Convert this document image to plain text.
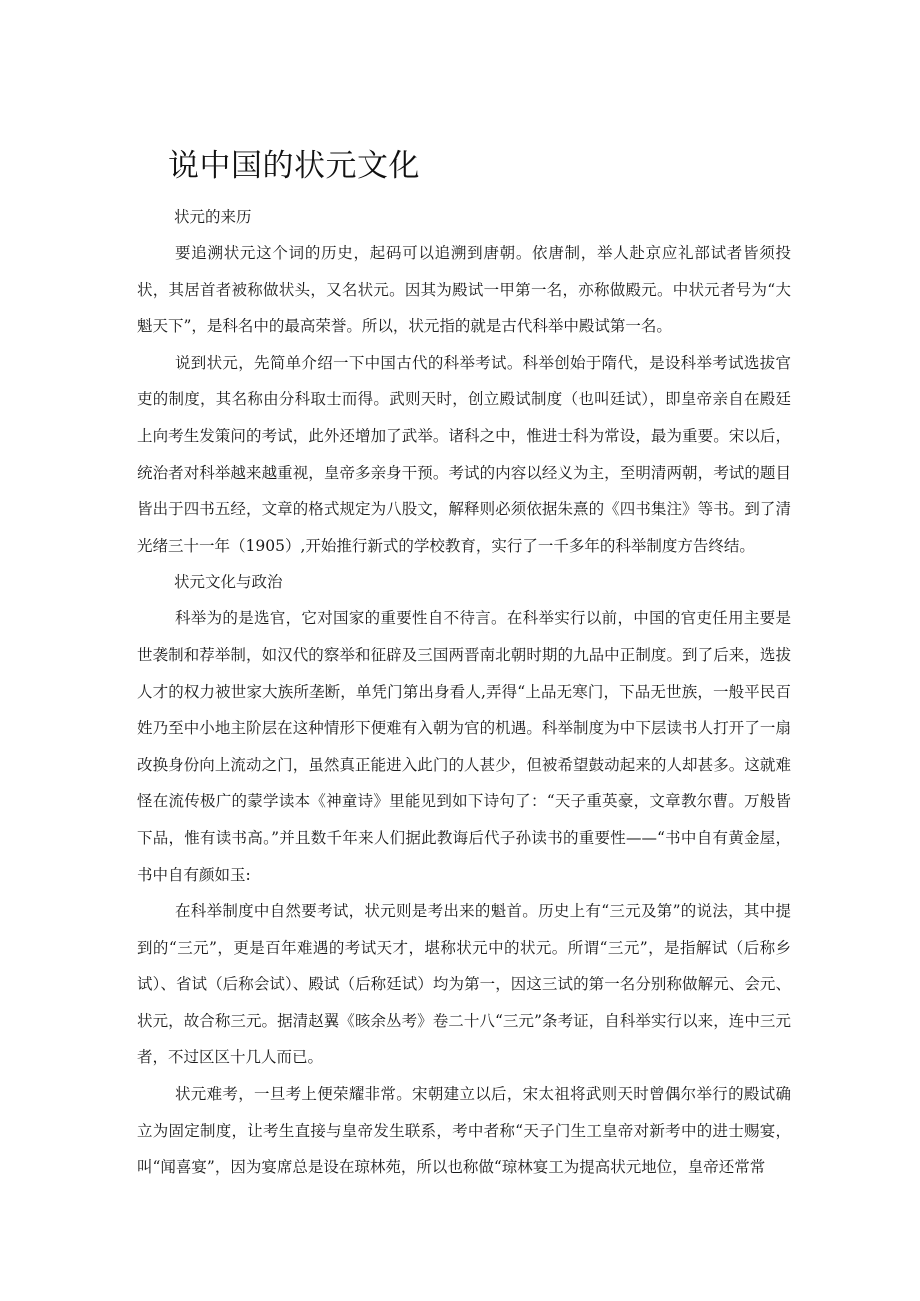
说中国的状元文化

状元的来历

要追溯状元这个词的历史，起码可以追溯到唐朝。依唐制，举人赴京应礼部试者皆须投状，其居首者被称做状头，又名状元。因其为殿试一甲第一名，亦称做殿元。中状元者号为“大魁天下”，是科名中的最高荣誉。所以，状元指的就是古代科举中殿试第一名。

说到状元，先简单介绍一下中国古代的科举考试。科举创始于隋代，是设科举考试选拔官吏的制度，其名称由分科取士而得。武则天时，创立殿试制度（也叫廷试），即皇帝亲自在殿廷上向考生发策问的考试，此外还增加了武举。诸科之中，惟进士科为常设，最为重要。宋以后，统治者对科举越来越重视，皇帝多亲身干预。考试的内容以经义为主，至明清两朝，考试的题目皆出于四书五经，文章的格式规定为八股文，解释则必须依据朱熹的《四书集注》等书。到了清光绪三十一年（1905）,开始推行新式的学校教育，实行了一千多年的科举制度方告终结。

状元文化与政治

科举为的是选官，它对国家的重要性自不待言。在科举实行以前，中国的官吏任用主要是世袭制和荐举制，如汉代的察举和征辟及三国两晋南北朝时期的九品中正制度。到了后来，选拔人才的权力被世家大族所垄断，单凭门第出身看人,弄得“上品无寒门，下品无世族，一般平民百姓乃至中小地主阶层在这种情形下便难有入朝为官的机遇。科举制度为中下层读书人打开了一扇改换身份向上流动之门，虽然真正能进入此门的人甚少，但被希望鼓动起来的人却甚多。这就难怪在流传极广的蒙学读本《神童诗》里能见到如下诗句了：“天子重英豪，文章教尔曹。万般皆下品，惟有读书高。”并且数千年来人们据此教诲后代子孙读书的重要性——“书中自有黄金屋，书中自有颜如玉:

在科举制度中自然要考试，状元则是考出来的魁首。历史上有“三元及第”的说法，其中提到的“三元”，更是百年难遇的考试天才，堪称状元中的状元。所谓“三元”，是指解试（后称乡试）、省试（后称会试）、殿试（后称廷试）均为第一，因这三试的第一名分别称做解元、会元、状元，故合称三元。据清赵翼《晐余丛考》卷二十八“三元”条考证，自科举实行以来，连中三元者，不过区区十几人而已。

状元难考，一旦考上便荣耀非常。宋朝建立以后，宋太祖将武则天时曾偶尔举行的殿试确立为固定制度，让考生直接与皇帝发生联系，考中者称“天子门生工皇帝对新考中的进士赐宴，叫“闻喜宴”，因为宴席总是设在琼林苑，所以也称做“琼林宴工为提高状元地位，皇帝还常常
